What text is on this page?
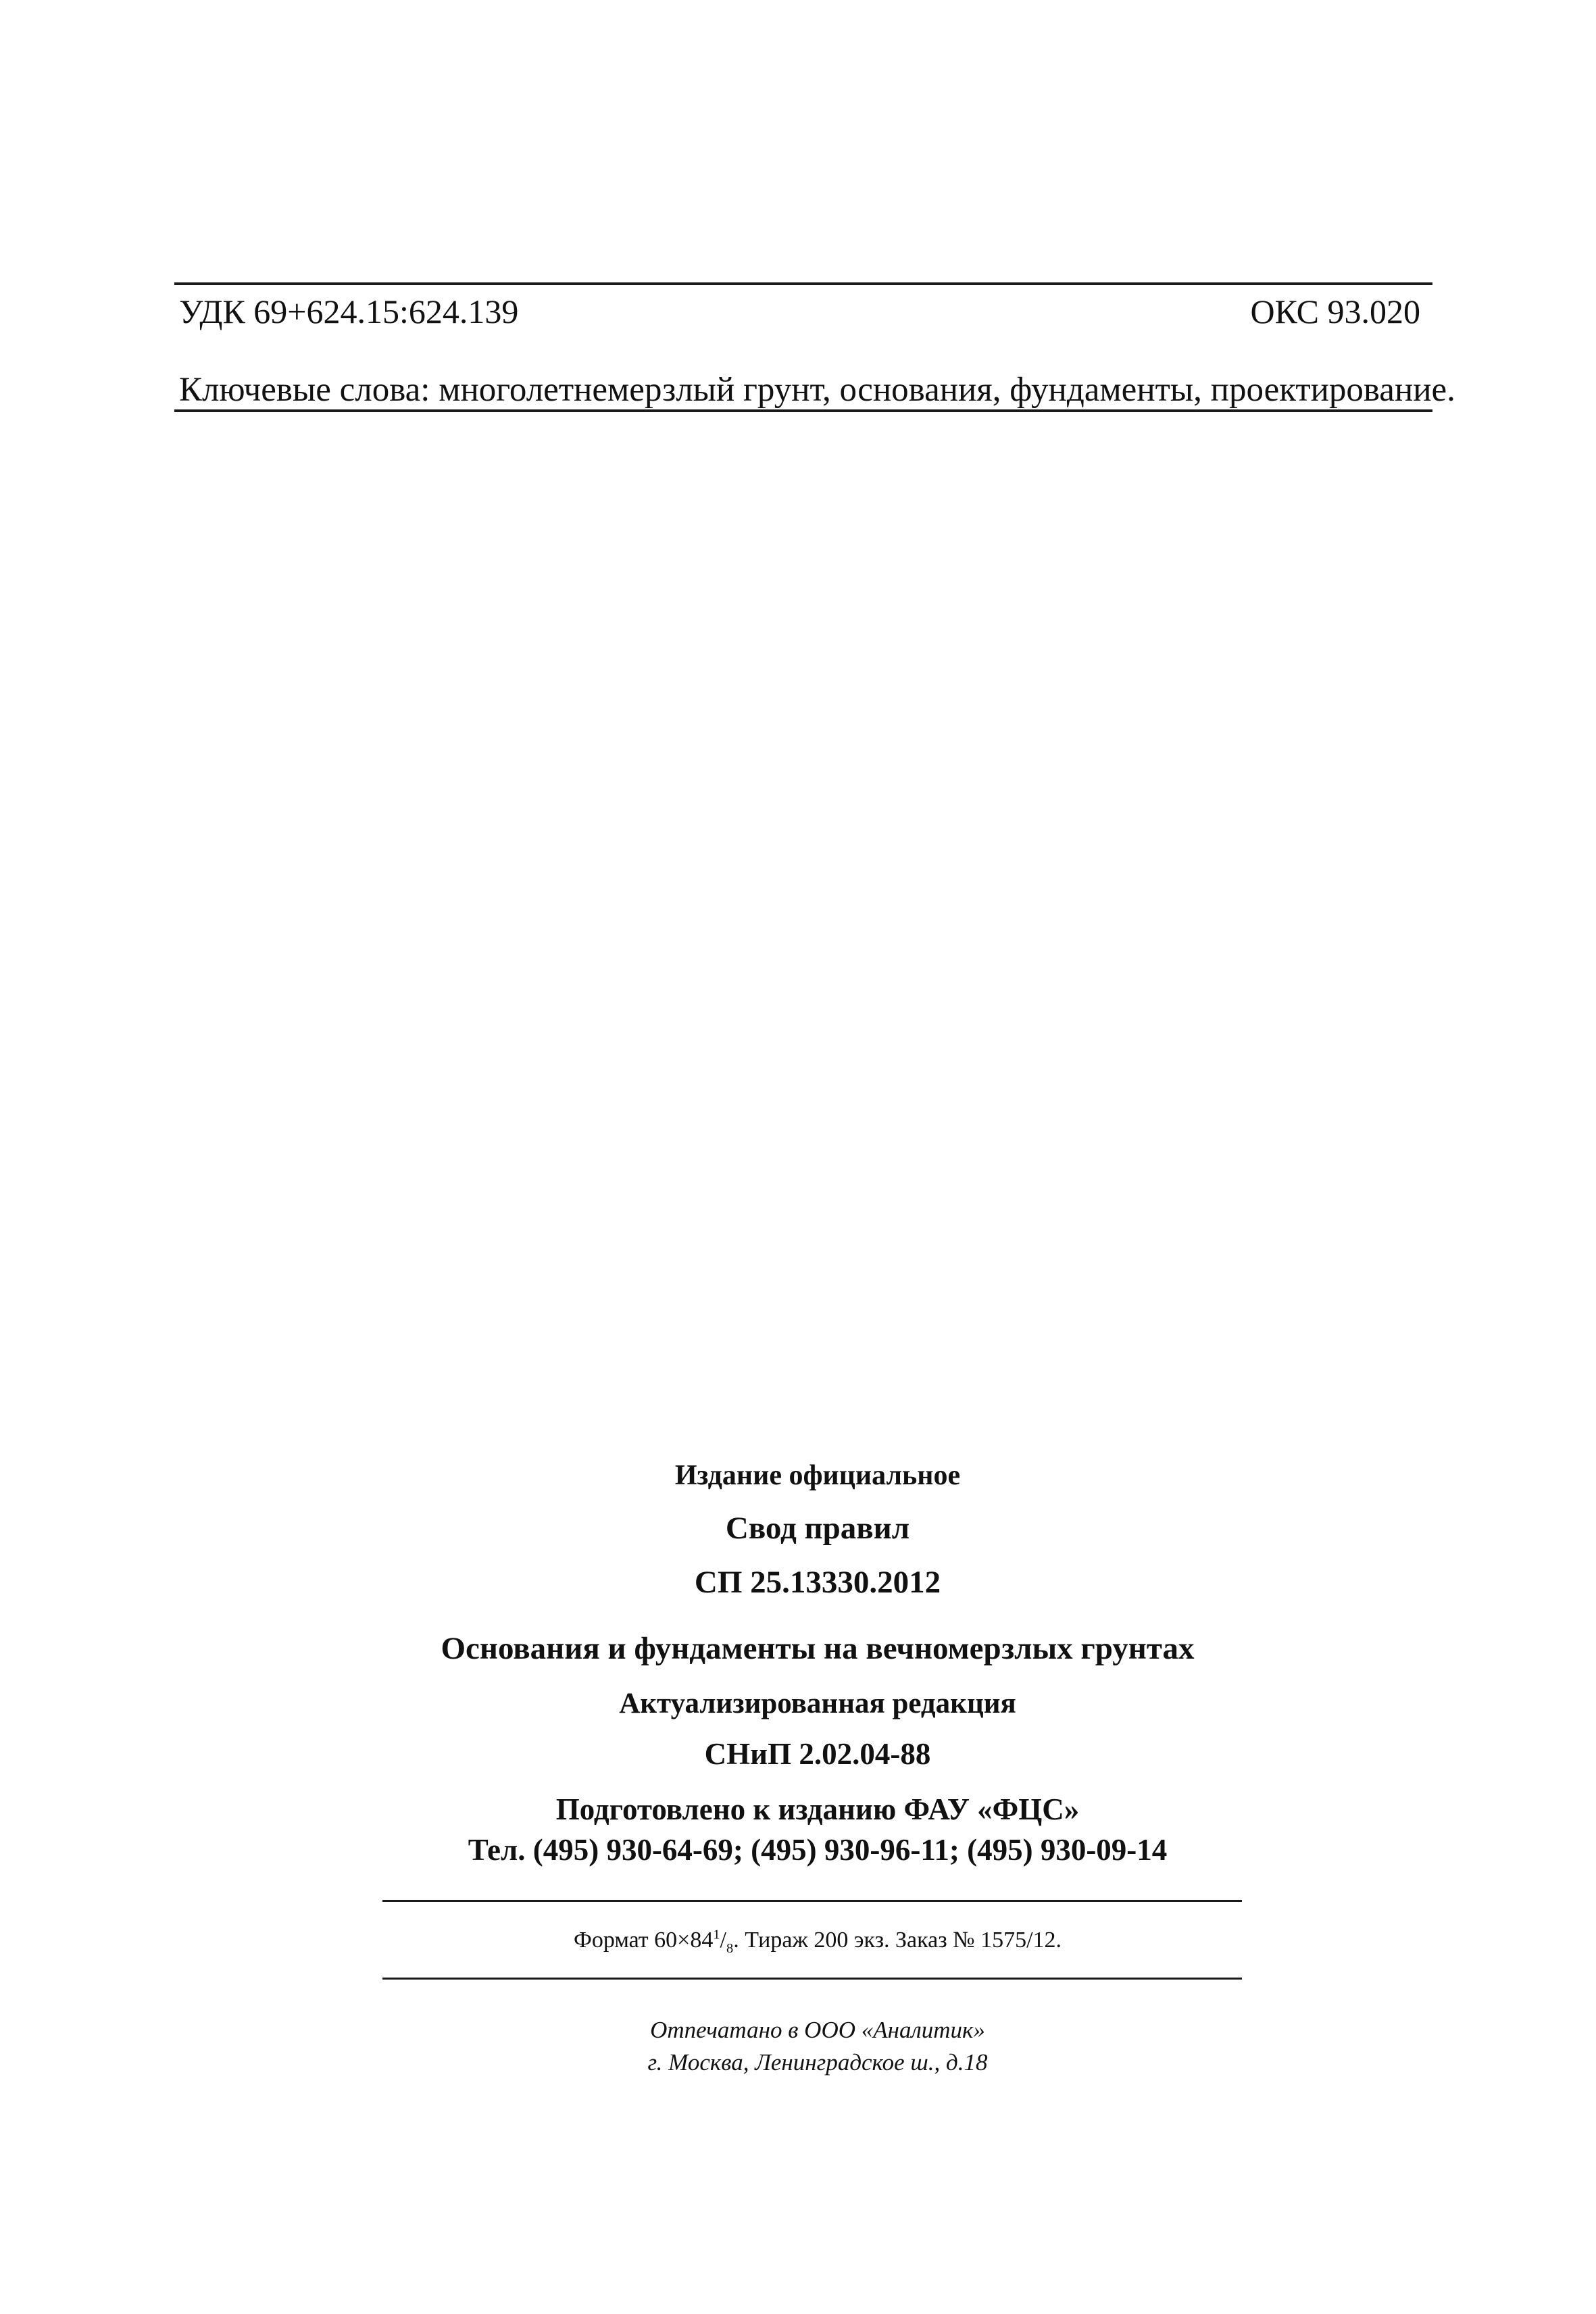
УДК 69+624.15:624.139	ОКС 93.020
Ключевые слова: многолетнемерзлый грунт, основания, фундаменты, проектирование.
Издание официальное
Свод правил
СП 25.13330.2012
Основания и фундаменты на вечномерзлых грунтах
Актуализированная редакция
СНиП 2.02.04-88
Подготовлено к изданию ФАУ «ФЦС»
Тел. (495) 930-64-69; (495) 930-96-11; (495) 930-09-14
Формат $60\times 84^1/_8$. Тираж 200 экз. Заказ № 1575/12.
Отпечатано в ООО «Аналитик»
г. Москва, Ленинградское ш., д.18
